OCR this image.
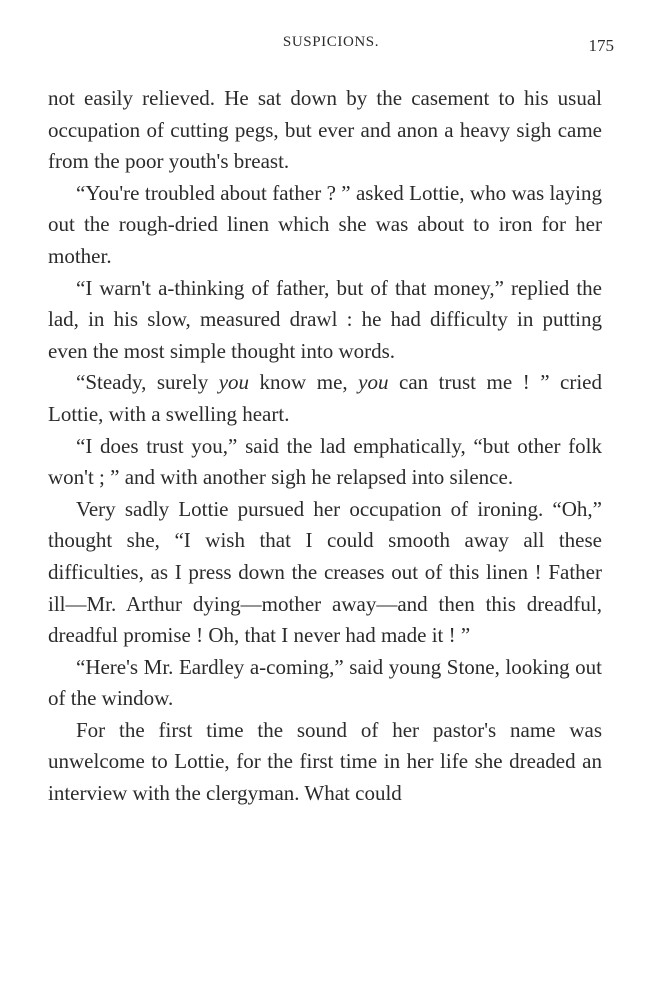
SUSPICIONS.	175

not easily relieved. He sat down by the casement to his usual occupation of cutting pegs, but ever and anon a heavy sigh came from the poor youth's breast.

“You're troubled about father ? ” asked Lottie, who was laying out the rough-dried linen which she was about to iron for her mother.

“I warn't a-thinking of father, but of that money,” replied the lad, in his slow, measured drawl : he had difficulty in putting even the most simple thought into words.

“Steady, surely you know me, you can trust me ! ” cried Lottie, with a swelling heart.

“I does trust you,” said the lad emphatically, “but other folk won't ; ” and with another sigh he relapsed into silence.

Very sadly Lottie pursued her occupation of ironing. “Oh,” thought she, “I wish that I could smooth away all these difficulties, as I press down the creases out of this linen ! Father ill—Mr. Arthur dying—mother away—and then this dreadful, dreadful promise ! Oh, that I never had made it ! ”

“Here's Mr. Eardley a-coming,” said young Stone, looking out of the window.

For the first time the sound of her pastor's name was unwelcome to Lottie, for the first time in her life she dreaded an interview with the clergyman. What could
